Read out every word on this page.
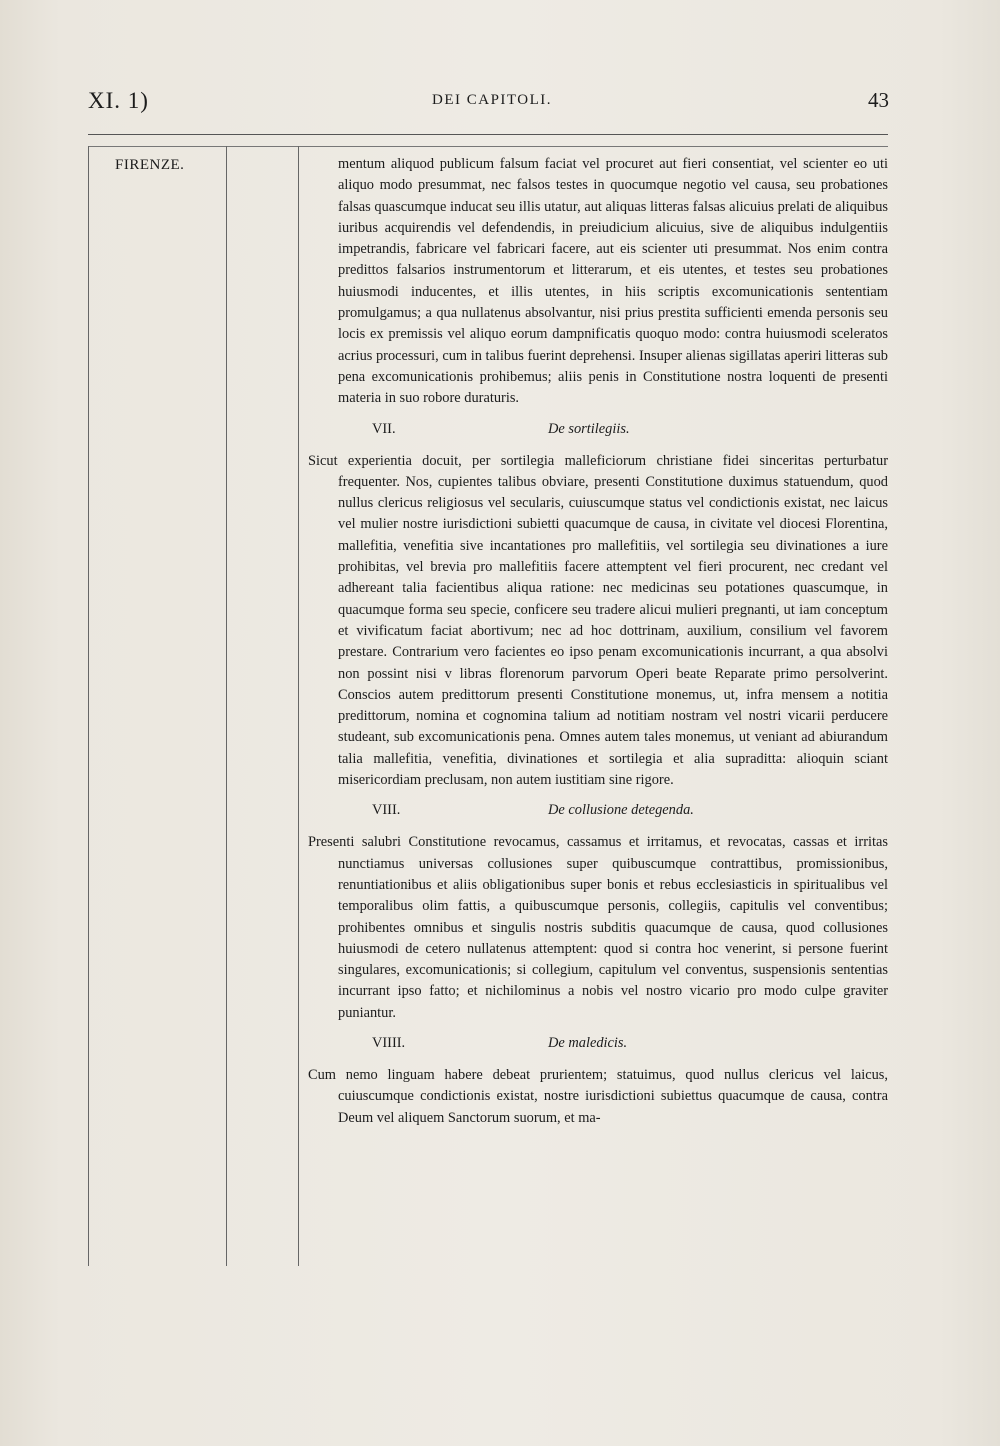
XI. 1)	DEI CAPITOLI.	43
FIRENZE.	mentum aliquod publicum falsum faciat vel procuret aut fieri consentiat, vel scienter eo uti aliquo modo presummat, nec falsos testes in quocumque negotio vel causa, seu probationes falsas quascumque inducat seu illis utatur, aut aliquas litteras falsas alicuius prelati de aliquibus iuribus acquirendis vel defendendis, in preiudicium alicuius, sive de aliquibus indulgentiis impetrandis, fabricare vel fabricari facere, aut eis scienter uti presummat. Nos enim contra predittos falsarios instrumentorum et litterarum, et eis utentes, et testes seu probationes huiusmodi inducentes, et illis utentes, in hiis scriptis excomunicationis sententiam promulgamus; a qua nullatenus absolvantur, nisi prius prestita sufficienti emenda personis seu locis ex premissis vel aliquo eorum dampnificatis quoquo modo: contra huiusmodi sceleratos acrius processuri, cum in talibus fuerint deprehensi. Insuper alienas sigillatas aperiri litteras sub pena excomunicationis prohibemus; aliis penis in Constitutione nostra loquenti de presenti materia in suo robore duraturis.

VII.	De sortilegiis.

Sicut experientia docuit, per sortilegia malleficiorum christiane fidei sinceritas perturbatur frequenter. Nos, cupientes talibus obviare, presenti Constitutione duximus statuendum, quod nullus clericus religiosus vel secularis, cuiuscumque status vel condictionis existat, nec laicus vel mulier nostre iurisdictioni subietti quacumque de causa, in civitate vel diocesi Florentina, mallefitia, venefitia sive incantationes pro mallefitiis, vel sortilegia seu divinationes a iure prohibitas, vel brevia pro mallefitiis facere attemptent vel fieri procurent, nec credant vel adhereant talia facientibus aliqua ratione: nec medicinas seu potationes quascumque, in quacumque forma seu specie, conficere seu tradere alicui mulieri pregnanti, ut iam conceptum et vivificatum faciat abortivum; nec ad hoc dottrinam, auxilium, consilium vel favorem prestare. Contrarium vero facientes eo ipso penam excomunicationis incurrant, a qua absolvi non possint nisi v libras florenorum parvorum Operi beate Reparate primo persolverint. Conscios autem predittorum presenti Constitutione monemus, ut, infra mensem a notitia predittorum, nomina et cognomina talium ad notitiam nostram vel nostri vicarii perducere studeant, sub excomunicationis pena. Omnes autem tales monemus, ut veniant ad abiurandum talia mallefitia, venefitia, divinationes et sortilegia et alia supraditta: alioquin sciant misericordiam preclusam, non autem iustitiam sine rigore.

VIII.	De collusione detegenda.

Presenti salubri Constitutione revocamus, cassamus et irritamus, et revocatas, cassas et irritas nunctiamus universas collusiones super quibuscumque contrattibus, promissionibus, renuntiationibus et aliis obligationibus super bonis et rebus ecclesiasticis in spiritualibus vel temporalibus olim fattis, a quibuscumque personis, collegiis, capitulis vel conventibus; prohibentes omnibus et singulis nostris subditis quacumque de causa, quod collusiones huiusmodi de cetero nullatenus attemptent: quod si contra hoc venerint, si persone fuerint singulares, excomunicationis; si collegium, capitulum vel conventus, suspensionis sententias incurrant ipso fatto; et nichilominus a nobis vel nostro vicario pro modo culpe graviter puniantur.

VIIII.	De maledicis.

Cum nemo linguam habere debeat prurientem; statuimus, quod nullus clericus vel laicus, cuiuscumque condictionis existat, nostre iurisdictioni subiettus quacumque de causa, contra Deum vel aliquem Sanctorum suorum, et ma-
